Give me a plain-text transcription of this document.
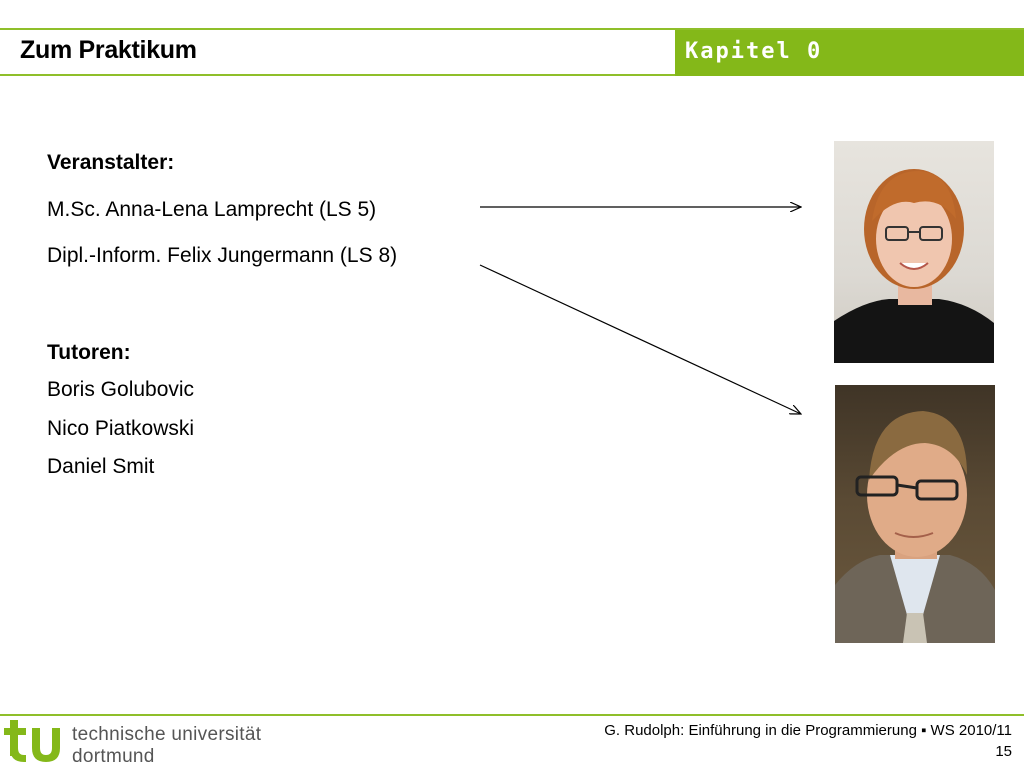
Zum Praktikum	Kapitel 0
Veranstalter:
M.Sc. Anna-Lena Lamprecht (LS 5)
Dipl.-Inform. Felix Jungermann (LS 8)
Tutoren:
Boris Golubovic
Nico Piatkowski
Daniel Smit
technische universität
dortmund
G. Rudolph: Einführung in die Programmierung ▪ WS 2010/11
15
